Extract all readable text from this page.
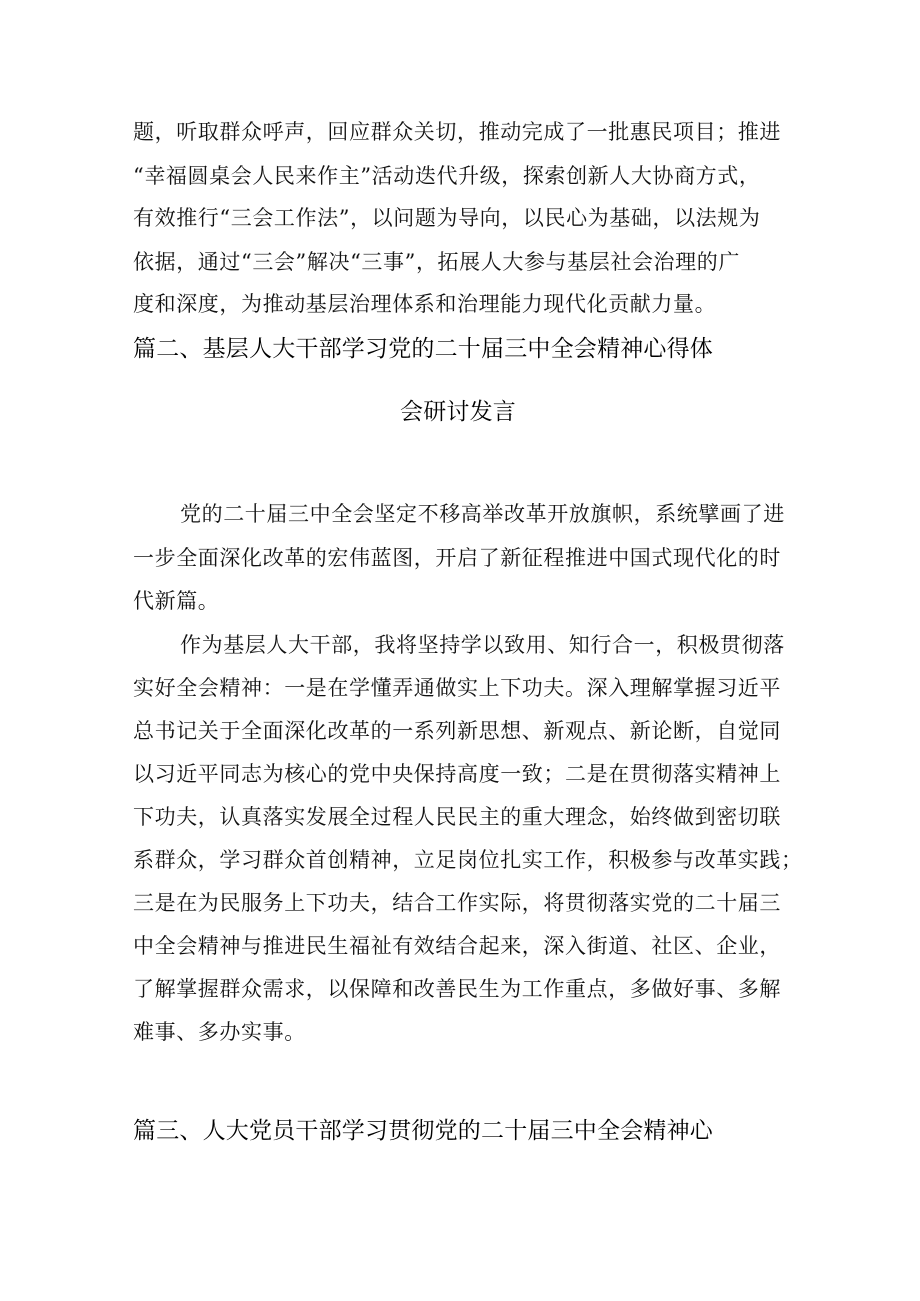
题，听取群众呼声，回应群众关切，推动完成了一批惠民项目；推进
“幸福圆桌会人民来作主”活动迭代升级，探索创新人大协商方式，
有效推行“三会工作法”，以问题为导向，以民心为基础，以法规为
依据，通过“三会”解决“三事”，拓展人大参与基层社会治理的广
度和深度，为推动基层治理体系和治理能力现代化贡献力量。
篇二、基层人大干部学习党的二十届三中全会精神心得体
会研讨发言
党的二十届三中全会坚定不移高举改革开放旗帜，系统擘画了进
一步全面深化改革的宏伟蓝图，开启了新征程推进中国式现代化的时
代新篇。
作为基层人大干部，我将坚持学以致用、知行合一，积极贯彻落
实好全会精神：一是在学懂弄通做实上下功夫。深入理解掌握习近平
总书记关于全面深化改革的一系列新思想、新观点、新论断，自觉同
以习近平同志为核心的党中央保持高度一致；二是在贯彻落实精神上
下功夫，认真落实发展全过程人民民主的重大理念，始终做到密切联
系群众，学习群众首创精神，立足岗位扎实工作，积极参与改革实践；
三是在为民服务上下功夫，结合工作实际，将贯彻落实党的二十届三
中全会精神与推进民生福祉有效结合起来，深入街道、社区、企业，
了解掌握群众需求，以保障和改善民生为工作重点，多做好事、多解
难事、多办实事。
篇三、人大党员干部学习贯彻党的二十届三中全会精神心
